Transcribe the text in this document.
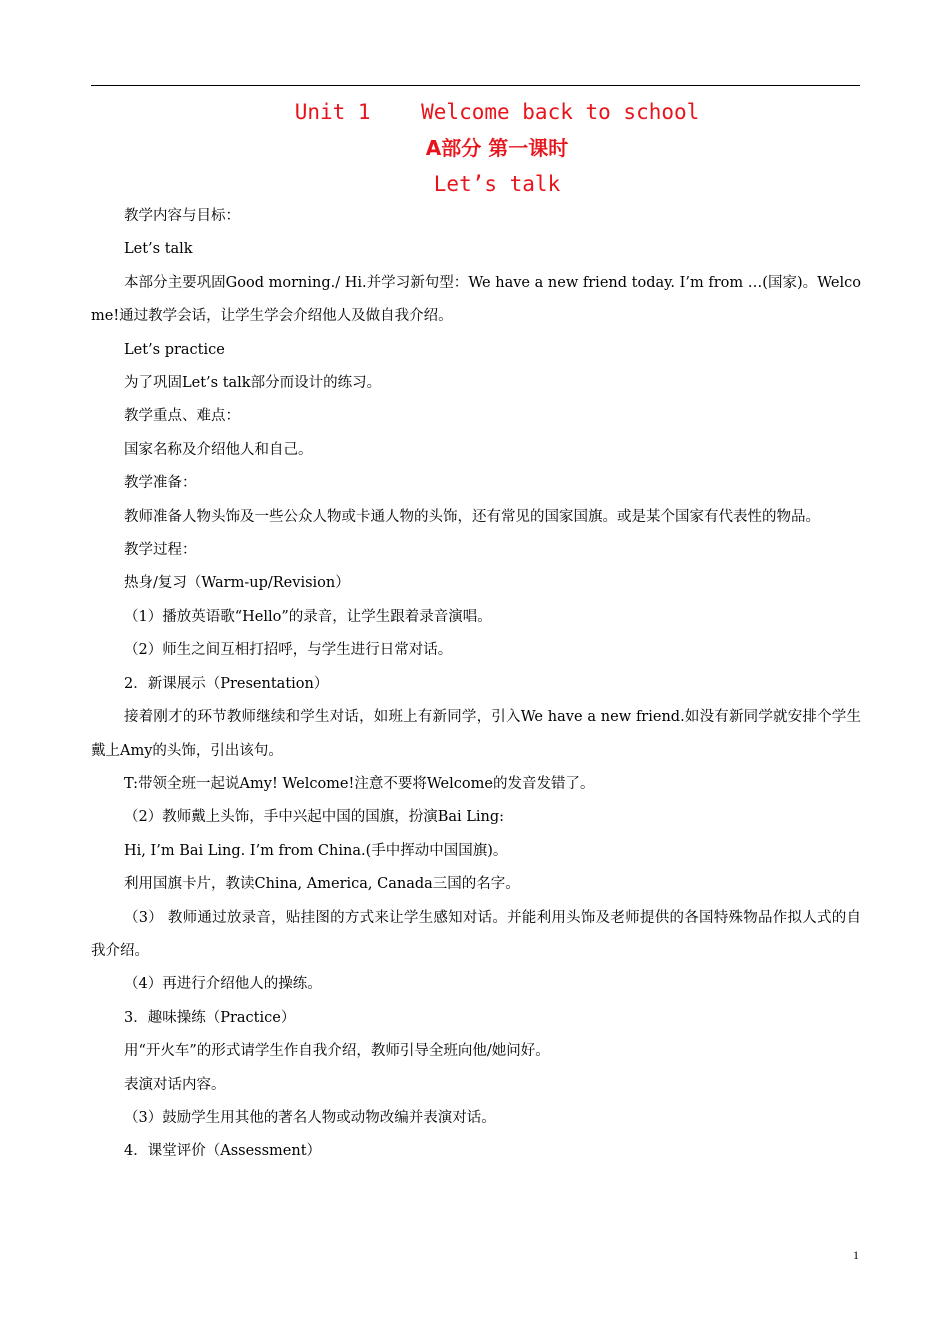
Unit 1    Welcome back to school
A部分 第一课时
Let’s talk

教学内容与目标：

Let’s talk

本部分主要巩固Good morning./ Hi.并学习新句型：We have a new friend today. I’m from …(国家)。Welcome!通过教学会话，让学生学会介绍他人及做自我介绍。

Let’s practice

为了巩固Let’s talk部分而设计的练习。

教学重点、难点：

国家名称及介绍他人和自己。

教学准备：

教师准备人物头饰及一些公众人物或卡通人物的头饰，还有常见的国家国旗。或是某个国家有代表性的物品。

教学过程：

热身/复习（Warm-up/Revision）

（1）播放英语歌“Hello”的录音，让学生跟着录音演唱。

（2）师生之间互相打招呼，与学生进行日常对话。

2．新课展示（Presentation）

接着刚才的环节教师继续和学生对话，如班上有新同学，引入We have a new friend.如没有新同学就安排个学生戴上Amy的头饰，引出该句。

T:带领全班一起说Amy! Welcome!注意不要将Welcome的发音发错了。

（2）教师戴上头饰，手中兴起中国的国旗，扮演Bai Ling:

Hi, I’m Bai Ling. I’m from China.(手中挥动中国国旗)。

利用国旗卡片，教读China, America, Canada三国的名字。

（3） 教师通过放录音，贴挂图的方式来让学生感知对话。并能利用头饰及老师提供的各国特殊物品作拟人式的自我介绍。

（4）再进行介绍他人的操练。

3．趣味操练（Practice）

用“开火车”的形式请学生作自我介绍，教师引导全班向他/她问好。

表演对话内容。

（3）鼓励学生用其他的著名人物或动物改编并表演对话。

4．课堂评价（Assessment）

1
